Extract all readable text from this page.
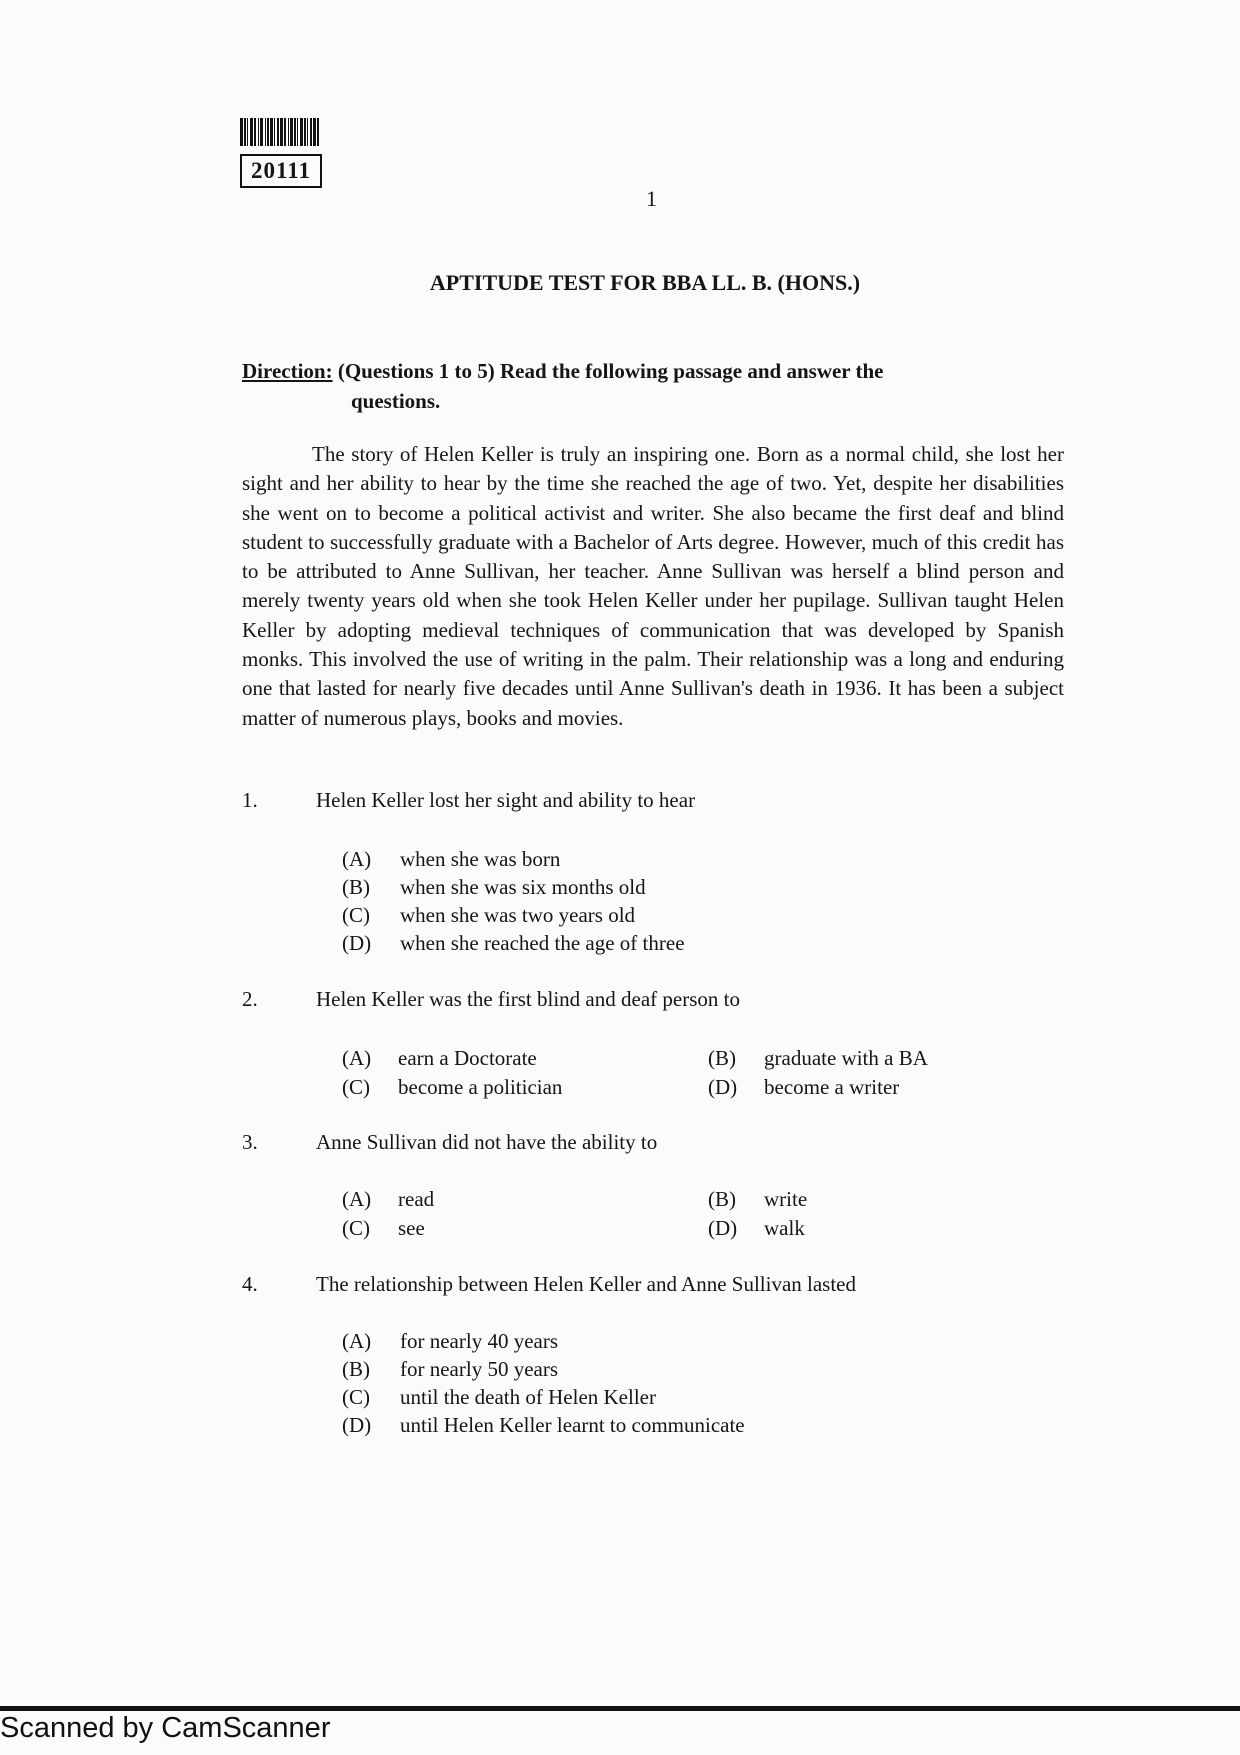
20111
1
APTITUDE TEST FOR BBA LL. B. (HONS.)
Direction: (Questions 1 to 5) Read the following passage and answer the
questions.
The story of Helen Keller is truly an inspiring one. Born as a normal child, she lost her sight and her ability to hear by the time she reached the age of two. Yet, despite her disabilities she went on to become a political activist and writer. She also became the first deaf and blind student to successfully graduate with a Bachelor of Arts degree. However, much of this credit has to be attributed to Anne Sullivan, her teacher. Anne Sullivan was herself a blind person and merely twenty years old when she took Helen Keller under her pupilage. Sullivan taught Helen Keller by adopting medieval techniques of communication that was developed by Spanish monks. This involved the use of writing in the palm. Their relationship was a long and enduring one that lasted for nearly five decades until Anne Sullivan's death in 1936. It has been a subject matter of numerous plays, books and movies.
1.	Helen Keller lost her sight and ability to hear
(A) when she was born
(B) when she was six months old
(C) when she was two years old
(D) when she reached the age of three
2.	Helen Keller was the first blind and deaf person to
(A) earn a Doctorate	(B) graduate with a BA
(C) become a politician	(D) become a writer
3.	Anne Sullivan did not have the ability to
(A) read	(B) write
(C) see	(D) walk
4.	The relationship between Helen Keller and Anne Sullivan lasted
(A) for nearly 40 years
(B) for nearly 50 years
(C) until the death of Helen Keller
(D) until Helen Keller learnt to communicate
Scanned by CamScanner
